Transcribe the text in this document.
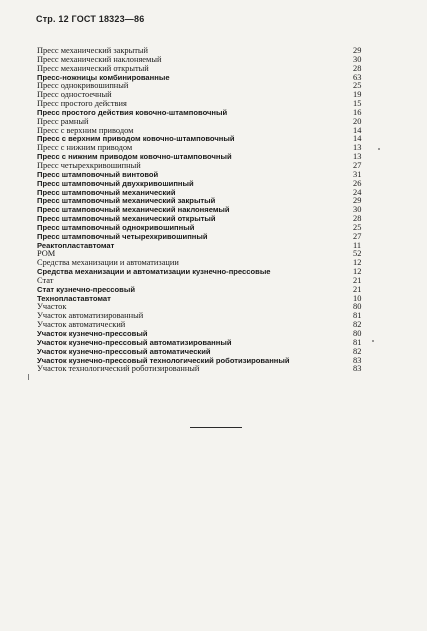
Стр. 12 ГОСТ 18323—86
Пресс механический закрытый	29
Пресс механический наклоняемый	30
Пресс механический открытый	28
Пресс-ножницы комбинированные	63
Пресс однокривошипный	25
Пресс одностоечный	19
Пресс простого действия	15
Пресс простого действия ковочно-штамповочный	16
Пресс рамный	20
Пресс с верхним приводом	14
Пресс с верхним приводом ковочно-штамповочный	14
Пресс с нижним приводом	13
Пресс с нижним приводом ковочно-штамповочный	13
Пресс четырехкривошипный	27
Пресс штамповочный винтовой	31
Пресс штамповочный двухкривошипный	26
Пресс штамповочный механический	24
Пресс штамповочный механический закрытый	29
Пресс штамповочный механический наклоняемый	30
Пресс штамповочный механический открытый	28
Пресс штамповочный однокривошипный	25
Пресс штамповочный четырехкривошипный	27
Реактопластавтомат	11
РОМ	52
Средства механизации и автоматизации	12
Средства механизации и автоматизации кузнечно-прессовые	12
Стат	21
Стат кузнечно-прессовый	21
Технопластавтомат	10
Участок	80
Участок автоматизированный	81
Участок автоматический	82
Участок кузнечно-прессовый	80
Участок кузнечно-прессовый автоматизированный	81
Участок кузнечно-прессовый автоматический	82
Участок кузнечно-прессовый технологический роботизированный	83
Участок технологический роботизированный	83
